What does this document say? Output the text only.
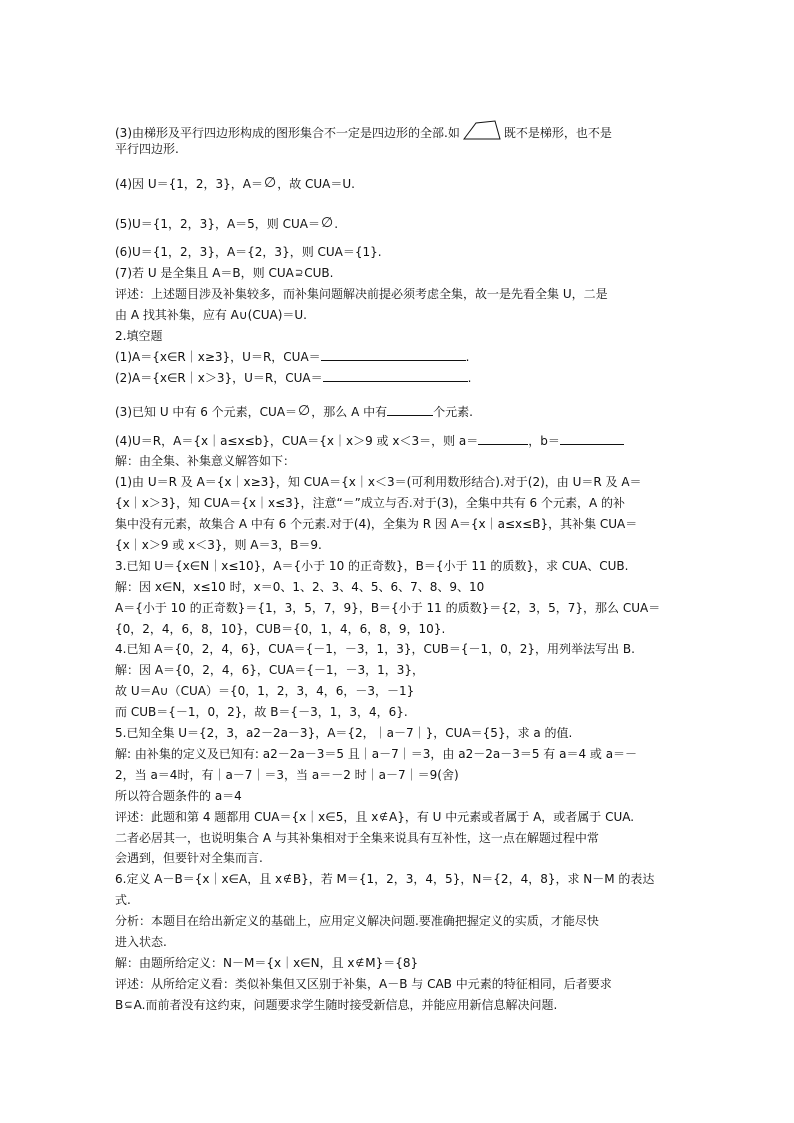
(3)由梯形及平行四边形构成的图形集合不一定是四边形的全部.如	既不是梯形，也不是
平行四边形.
(4)因 U＝{1，2，3}，A＝∅，故 CUA＝U.
(5)U＝{1，2，3}，A＝5，则 CUA＝∅.
(6)U＝{1，2，3}，A＝{2，3}，则 CUA＝{1}.
(7)若 U 是全集且 A＝B，则 CUA⊇CUB.
评述：上述题目涉及补集较多，而补集问题解决前提必须考虑全集，故一是先看全集 U，二是
由 A 找其补集，应有 A∪(CUA)＝U.
2.填空题
(1)A＝{x∈R｜x≥3}，U＝R，CUA＝	.
(2)A＝{x∈R｜x＞3}，U＝R，CUA＝	.
(3)已知 U 中有 6 个元素，CUA＝∅，那么 A 中有	个元素.
(4)U＝R，A＝{x｜a≤x≤b}，CUA＝{x｜x＞9 或 x＜3＝，则 a＝	，b＝
解：由全集、补集意义解答如下：
(1)由 U＝R 及 A＝{x｜x≥3}，知 CUA＝{x｜x＜3＝(可利用数形结合).对于(2)，由 U＝R 及 A＝
{x｜x＞3}，知 CUA＝{x｜x≤3}，注意“＝”成立与否.对于(3)，全集中共有 6 个元素，A 的补
集中没有元素，故集合 A 中有 6 个元素.对于(4)，全集为 R 因 A＝{x｜a≤x≤B}，其补集 CUA＝
{x｜x＞9 或 x＜3}，则 A＝3，B＝9.
3.已知 U＝{x∈N｜x≤10}，A＝{小于 10 的正奇数}，B＝{小于 11 的质数}，求 CUA、CUB.
解：因 x∈N，x≤10 时，x＝0、1、2、3、4、5、6、7、8、9、10
A＝{小于 10 的正奇数}＝{1，3，5，7，9}，B＝{小于 11 的质数}＝{2，3，5，7}，那么 CUA＝
{0，2，4，6，8，10}，CUB＝{0，1，4，6，8，9，10}.
4.已知 A＝{0，2，4，6}，CUA＝{－1，－3，1，3}，CUB＝{－1，0，2}，用列举法写出 B.
解：因 A＝{0，2，4，6}，CUA＝{－1，－3，1，3}，
故 U＝A∪（CUA）＝{0，1，2，3，4，6，－3，－1}
而 CUB＝{－1，0，2}，故 B＝{－3，1，3，4，6}.
5.已知全集 U＝{2，3，a2－2a－3}，A＝{2，｜a－7｜}，CUA＝{5}，求 a 的值.
解: 由补集的定义及已知有: a2－2a－3＝5 且｜a－7｜＝3，由 a2－2a－3＝5 有 a＝4 或 a＝－
2，当 a＝4时，有｜a－7｜＝3，当 a＝－2 时｜a－7｜＝9(舍)
所以符合题条件的 a＝4
评述：此题和第 4 题都用 CUA＝{x｜x∈5，且 x∉A}，有 U 中元素或者属于 A，或者属于 CUA.
二者必居其一，也说明集合 A 与其补集相对于全集来说具有互补性，这一点在解题过程中常
会遇到，但要针对全集而言.
6.定义 A－B＝{x｜x∈A，且 x∉B}，若 M＝{1，2，3，4，5}，N＝{2，4，8}，求 N－M 的表达
式.
分析：本题目在给出新定义的基础上，应用定义解决问题.要准确把握定义的实质，才能尽快
进入状态.
解：由题所给定义：N－M＝{x｜x∈N，且 x∉M}＝{8}
评述：从所给定义看：类似补集但又区别于补集，A－B 与 CAB 中元素的特征相同，后者要求
B⊆A.而前者没有这约束，问题要求学生随时接受新信息，并能应用新信息解决问题.
